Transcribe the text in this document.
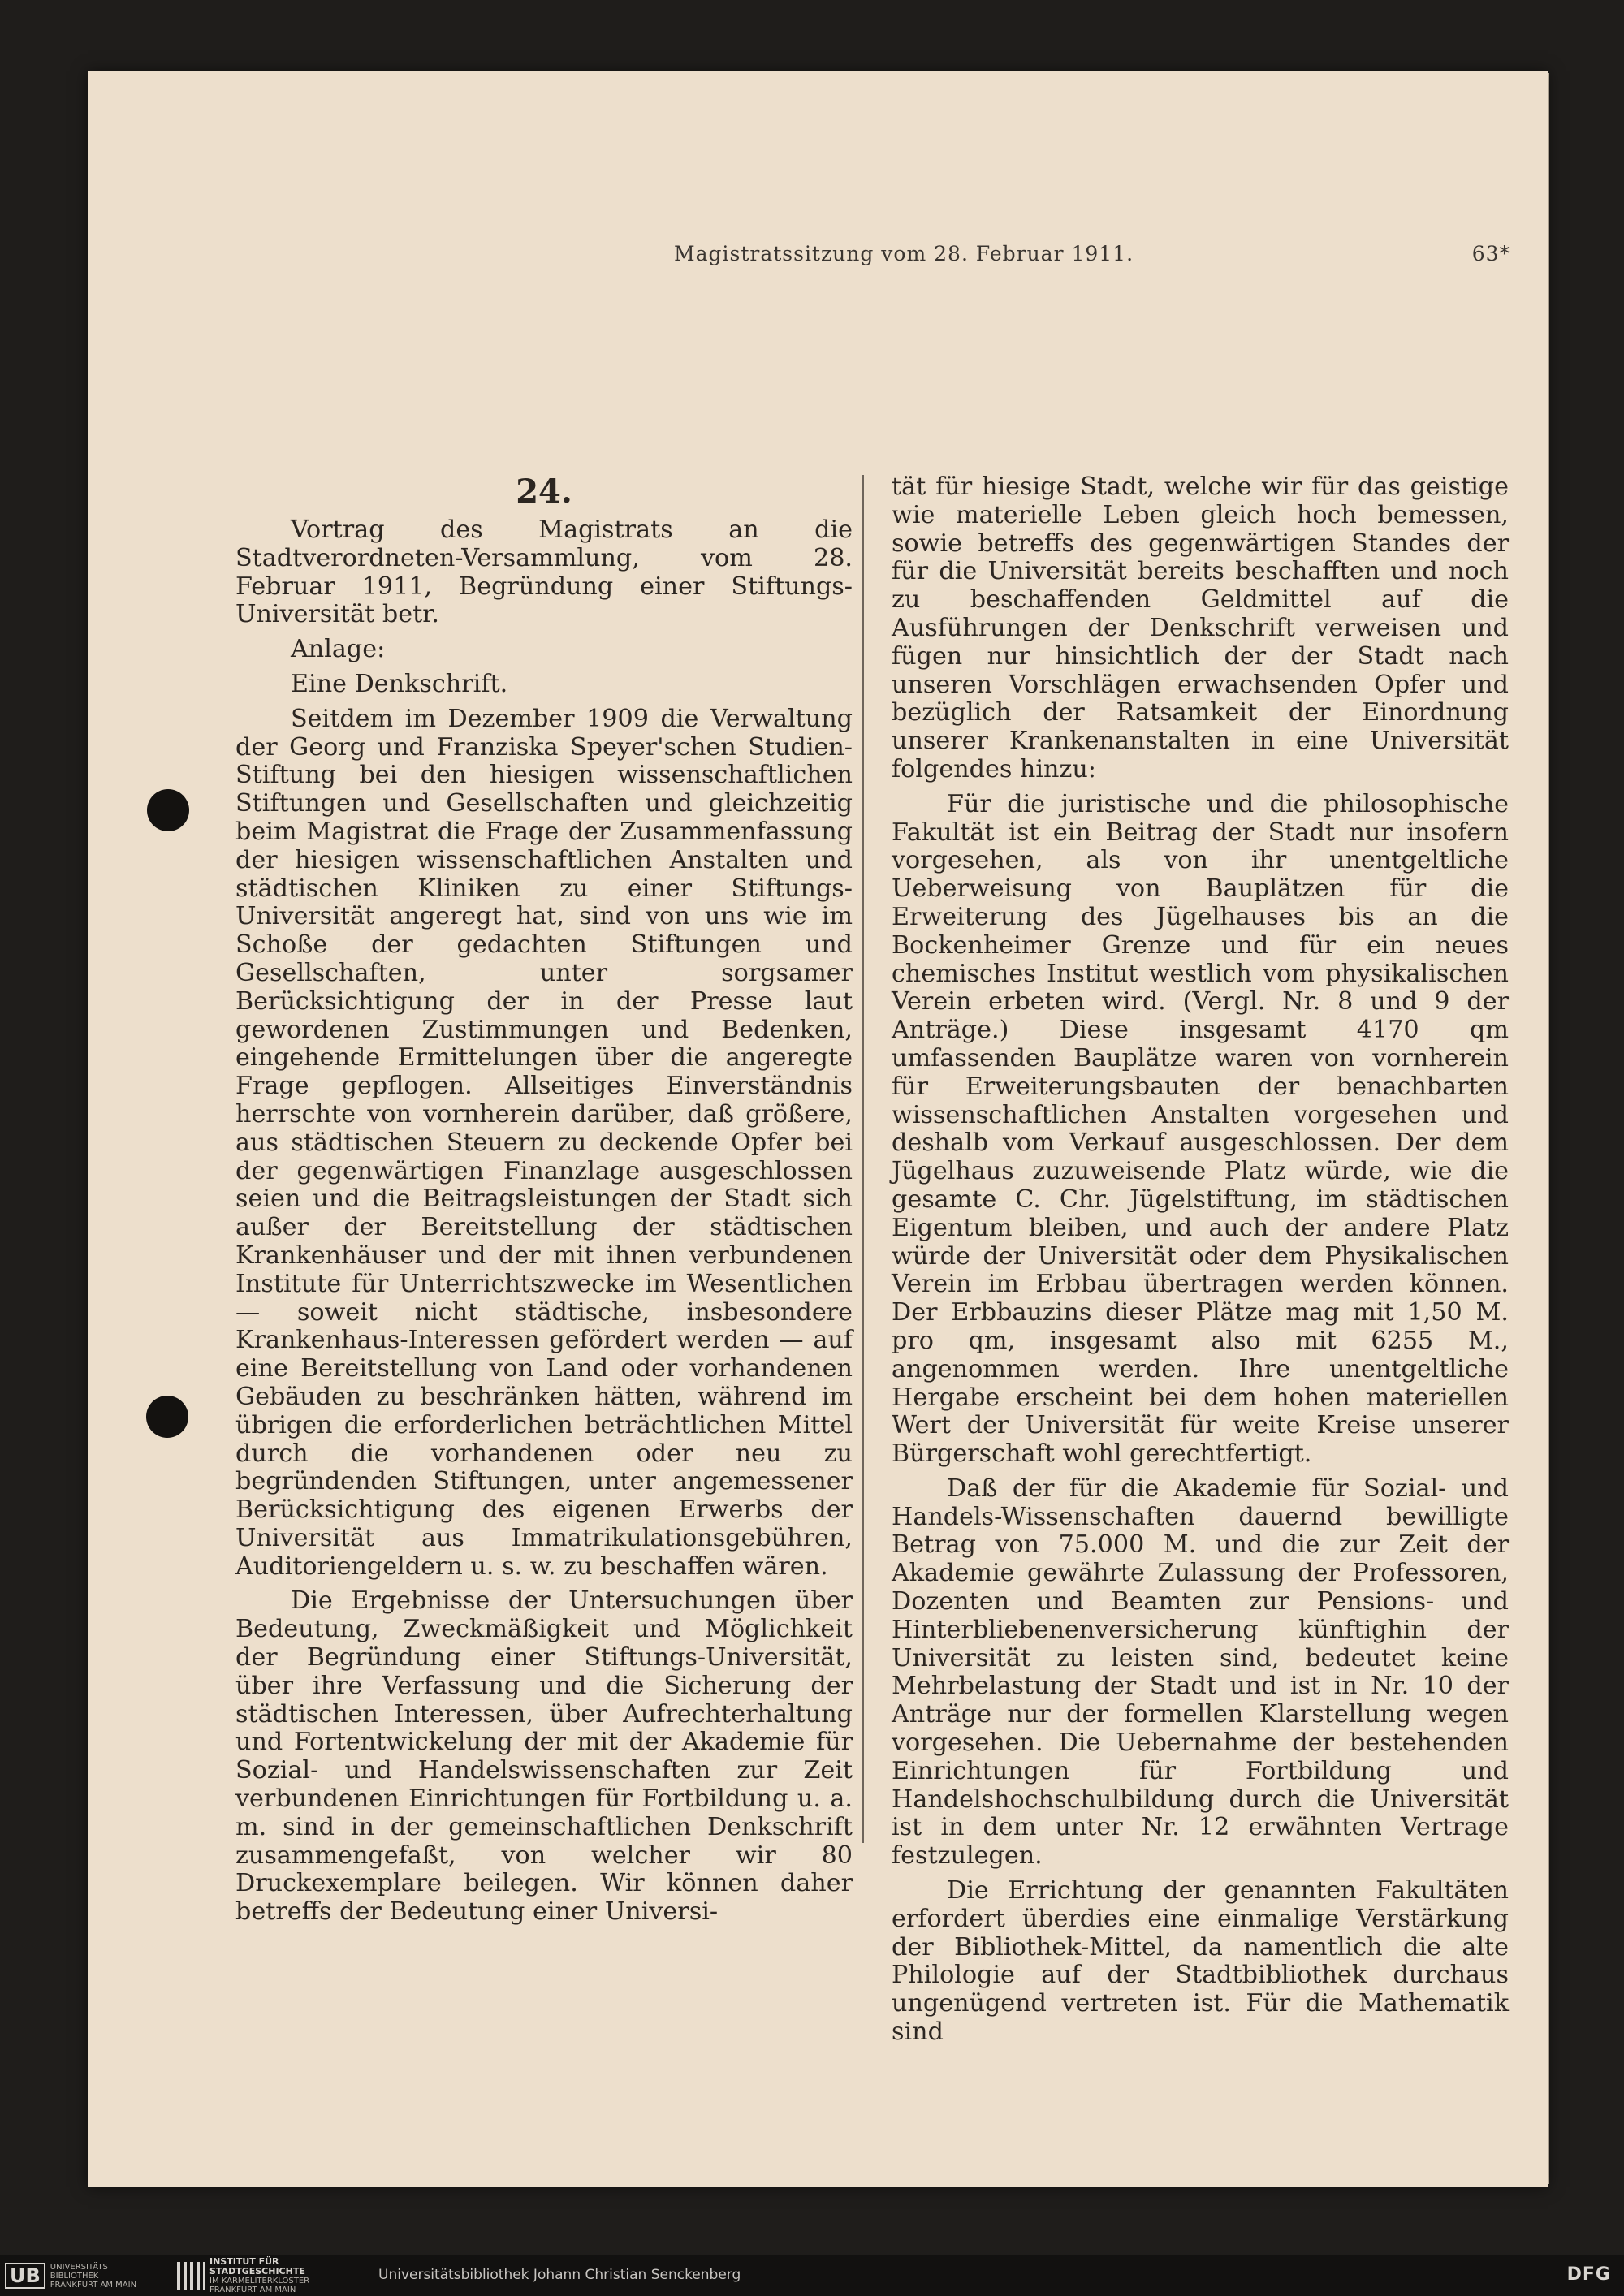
Magistratssitzung vom 28. Februar 1911.	63*

24.

Vortrag des Magistrats an die Stadtverordneten-Versammlung, vom 28. Februar 1911, Begründung einer Stiftungs-Universität betr.

Anlage:

Eine Denkschrift.

Seitdem im Dezember 1909 die Verwaltung der Georg und Franziska Speyer'schen Studien-Stiftung bei den hiesigen wissenschaftlichen Stiftungen und Gesellschaften und gleichzeitig beim Magistrat die Frage der Zusammenfassung der hiesigen wissenschaftlichen Anstalten und städtischen Kliniken zu einer Stiftungs-Universität angeregt hat, sind von uns wie im Schoße der gedachten Stiftungen und Gesellschaften, unter sorgsamer Berücksichtigung der in der Presse laut gewordenen Zustimmungen und Bedenken, eingehende Ermittelungen über die angeregte Frage gepflogen. Allseitiges Einverständnis herrschte von vornherein darüber, daß größere, aus städtischen Steuern zu deckende Opfer bei der gegenwärtigen Finanzlage ausgeschlossen seien und die Beitragsleistungen der Stadt sich außer der Bereitstellung der städtischen Krankenhäuser und der mit ihnen verbundenen Institute für Unterrichtszwecke im Wesentlichen — soweit nicht städtische, insbesondere Krankenhaus-Interessen gefördert werden — auf eine Bereitstellung von Land oder vorhandenen Gebäuden zu beschränken hätten, während im übrigen die erforderlichen beträchtlichen Mittel durch die vorhandenen oder neu zu begründenden Stiftungen, unter angemessener Berücksichtigung des eigenen Erwerbs der Universität aus Immatrikulationsgebühren, Auditoriengeldern u. s. w. zu beschaffen wären.

Die Ergebnisse der Untersuchungen über Bedeutung, Zweckmäßigkeit und Möglichkeit der Begründung einer Stiftungs-Universität, über ihre Verfassung und die Sicherung der städtischen Interessen, über Aufrechterhaltung und Fortentwickelung der mit der Akademie für Sozial- und Handelswissenschaften zur Zeit verbundenen Einrichtungen für Fortbildung u. a. m. sind in der gemeinschaftlichen Denkschrift zusammengefaßt, von welcher wir 80 Druckexemplare beilegen. Wir können daher betreffs der Bedeutung einer Universi-

tät für hiesige Stadt, welche wir für das geistige wie materielle Leben gleich hoch bemessen, sowie betreffs des gegenwärtigen Standes der für die Universität bereits beschafften und noch zu beschaffenden Geldmittel auf die Ausführungen der Denkschrift verweisen und fügen nur hinsichtlich der der Stadt nach unseren Vorschlägen erwachsenden Opfer und bezüglich der Ratsamkeit der Einordnung unserer Krankenanstalten in eine Universität folgendes hinzu:

Für die juristische und die philosophische Fakultät ist ein Beitrag der Stadt nur insofern vorgesehen, als von ihr unentgeltliche Ueberweisung von Bauplätzen für die Erweiterung des Jügelhauses bis an die Bockenheimer Grenze und für ein neues chemisches Institut westlich vom physikalischen Verein erbeten wird. (Vergl. Nr. 8 und 9 der Anträge.) Diese insgesamt 4170 qm umfassenden Bauplätze waren von vornherein für Erweiterungsbauten der benachbarten wissenschaftlichen Anstalten vorgesehen und deshalb vom Verkauf ausgeschlossen. Der dem Jügelhaus zuzuweisende Platz würde, wie die gesamte C. Chr. Jügelstiftung, im städtischen Eigentum bleiben, und auch der andere Platz würde der Universität oder dem Physikalischen Verein im Erbbau übertragen werden können. Der Erbbauzins dieser Plätze mag mit 1,50 M. pro qm, insgesamt also mit 6255 M., angenommen werden. Ihre unentgeltliche Hergabe erscheint bei dem hohen materiellen Wert der Universität für weite Kreise unserer Bürgerschaft wohl gerechtfertigt.

Daß der für die Akademie für Sozial- und Handels-Wissenschaften dauernd bewilligte Betrag von 75.000 M. und die zur Zeit der Akademie gewährte Zulassung der Professoren, Dozenten und Beamten zur Pensions- und Hinterbliebenenversicherung künftighin der Universität zu leisten sind, bedeutet keine Mehrbelastung der Stadt und ist in Nr. 10 der Anträge nur der formellen Klarstellung wegen vorgesehen. Die Uebernahme der bestehenden Einrichtungen für Fortbildung und Handelshochschulbildung durch die Universität ist in dem unter Nr. 12 erwähnten Vertrage festzulegen.

Die Errichtung der genannten Fakultäten erfordert überdies eine einmalige Verstärkung der Bibliothek-Mittel, da namentlich die alte Philologie auf der Stadtbibliothek durchaus ungenügend vertreten ist. Für die Mathematik sind

UB	UNIVERSITÄTS
BIBLIOTHEK
FRANKFURT AM MAIN
INSTITUT FÜR
STADTGESCHICHTE
IM KARMELITERKLOSTER
FRANKFURT AM MAIN
Universitätsbibliothek Johann Christian Senckenberg	DFG
